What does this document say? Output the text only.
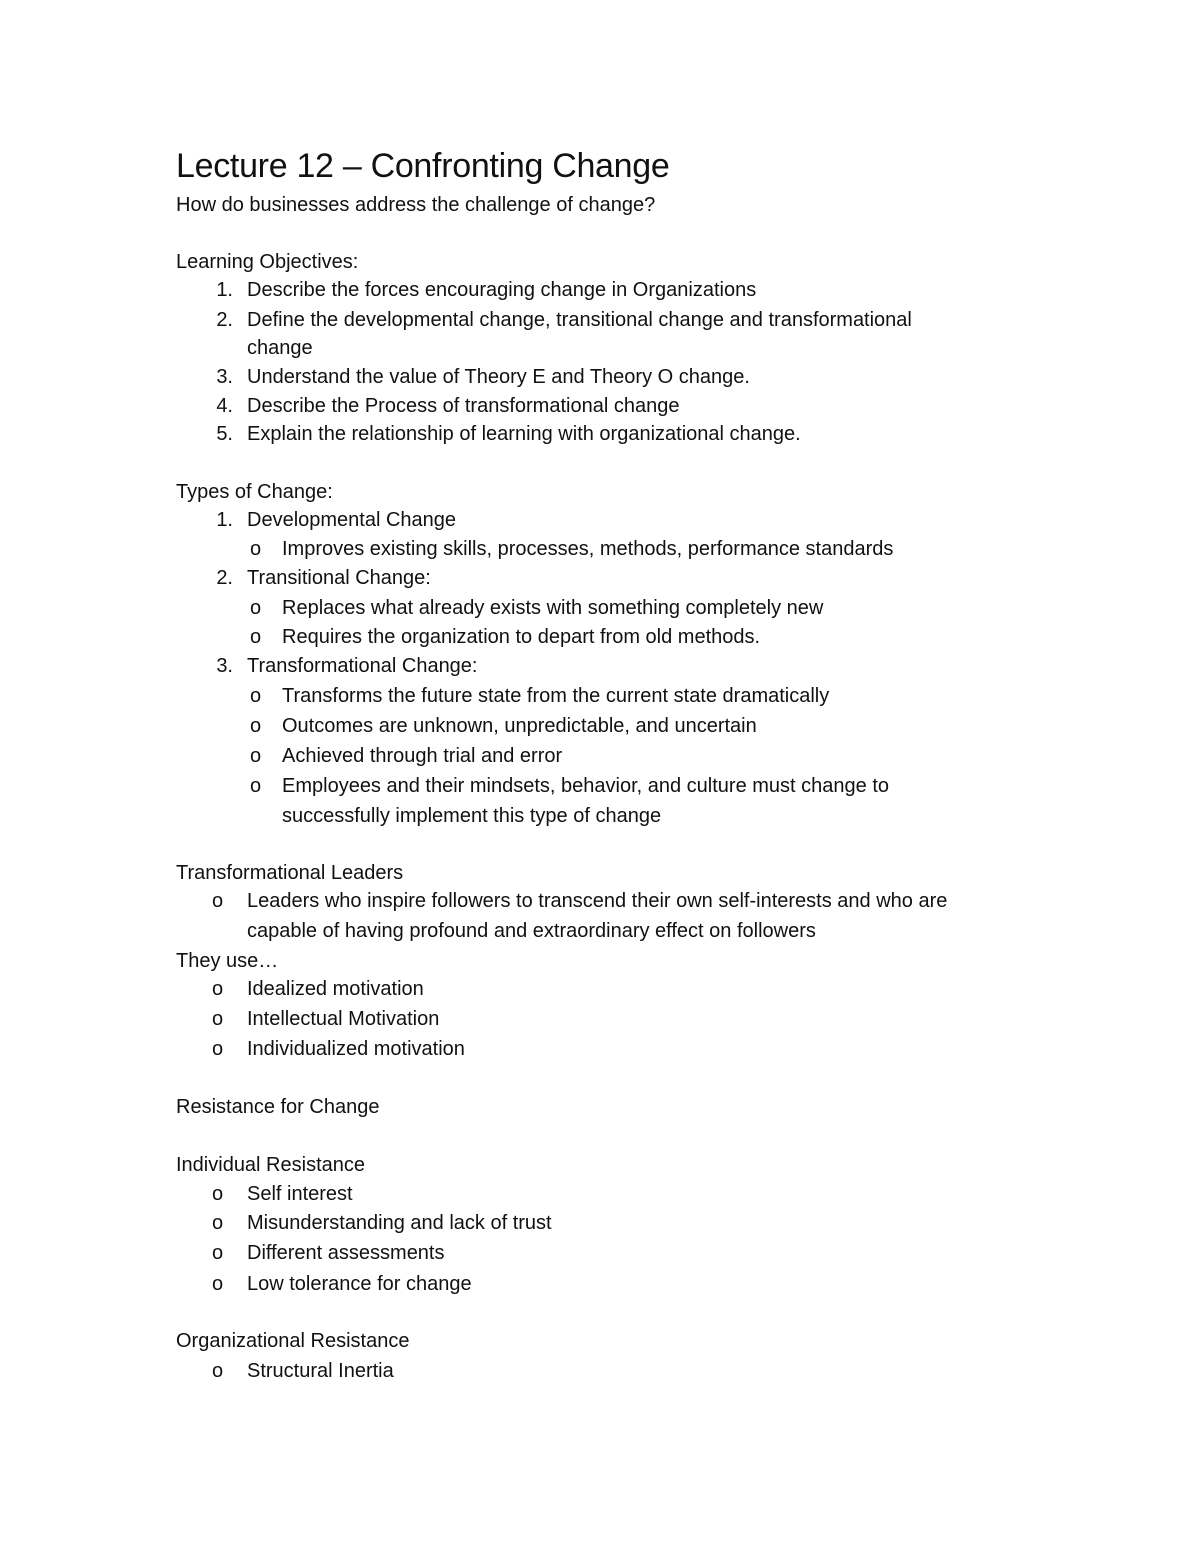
Lecture 12 – Confronting Change
How do businesses address the challenge of change?
Learning Objectives:
1. Describe the forces encouraging change in Organizations
2. Define the developmental change, transitional change and transformational
change
3. Understand the value of Theory E and Theory O change.
4. Describe the Process of transformational change
5. Explain the relationship of learning with organizational change.
Types of Change:
1. Developmental Change
o Improves existing skills, processes, methods, performance standards
2. Transitional Change:
o Replaces what already exists with something completely new
o Requires the organization to depart from old methods.
3. Transformational Change:
o Transforms the future state from the current state dramatically
o Outcomes are unknown, unpredictable, and uncertain
o Achieved through trial and error
o Employees and their mindsets, behavior, and culture must change to
successfully implement this type of change
Transformational Leaders
o Leaders who inspire followers to transcend their own self-interests and who are
capable of having profound and extraordinary effect on followers
They use…
o Idealized motivation
o Intellectual Motivation
o Individualized motivation
Resistance for Change
Individual Resistance
o Self interest
o Misunderstanding and lack of trust
o Different assessments
o Low tolerance for change
Organizational Resistance
o Structural Inertia
